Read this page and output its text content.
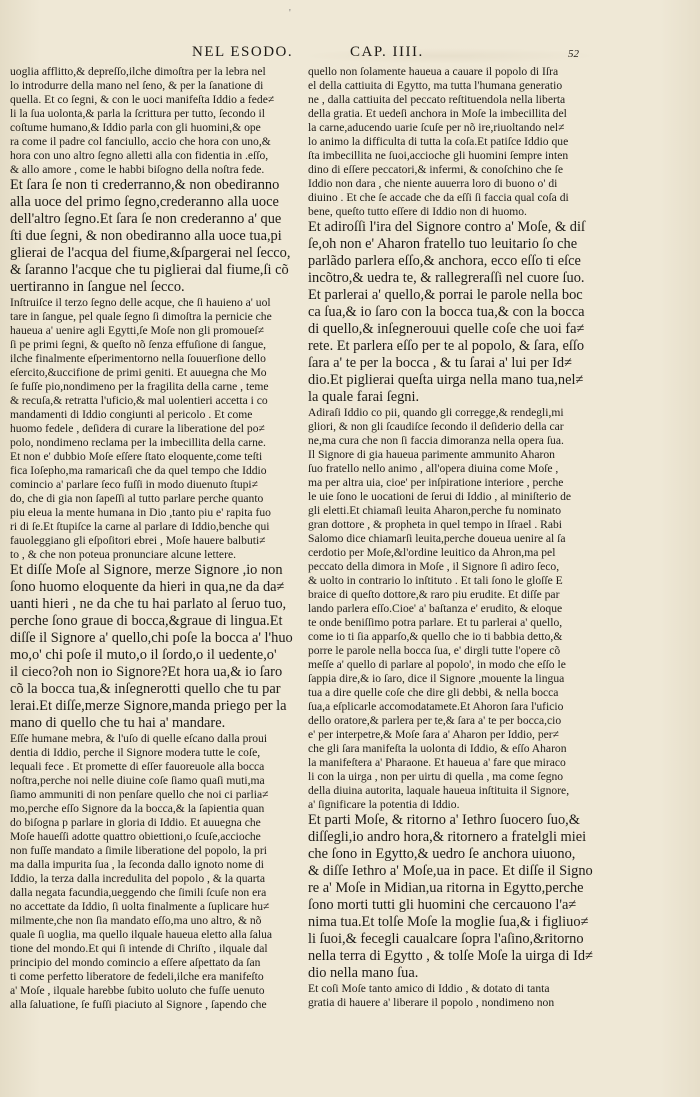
'
NEL ESODO.	CAP. IIII.	52
uoglia afflitto,& depreſſo,ilche dimoſtra per la lebra nel
lo introdurre della mano nel ſeno, & per la ſanatione di
quella. Et co ſegni, & con le uoci manifeſta Iddio a fede≠
li la ſua uolonta,& parla la ſcrittura per tutto, ſecondo il
coſtume humano,& Iddio parla con gli huomini,& ope
ra come il padre col fanciullo, accio che hora con uno,&
hora con uno altro ſegno alletti alla con fidentia in .eſſo,
& allo amore , come le habbi biſogno della noſtra fede.
Et ſara ſe non ti crederranno,& non obediranno
alla uoce del primo ſegno,crederanno alla uoce
dell'altro ſegno.Et ſara ſe non crederanno a' que
ſti due ſegni, & non obediranno alla uoce tua,pi
glierai de l'acqua del fiume,&ſpargerai nel ſecco,
& ſaranno l'acque che tu piglierai dal fiume,ſi cõ
uertiranno in ſangue nel ſecco.
Inſtruiſce il terzo ſegno delle acque, che ſi hauieno a' uol
tare in ſangue, pel quale ſegno ſi dimoſtra la pernicie che
haueua a' uenire agli Egytti,ſe Moſe non gli promoueſ≠
ſi pe primi ſegni, & queſto nõ ſenza effuſione di ſangue,
ilche finalmente eſperimentorno nella ſouuerſione dello
eſercito,&uccifione de primi geniti. Et auuegna che Mo
ſe fuſſe pio,nondimeno per la fragilita della carne , teme
& recuſa,& retratta l'uficio,& mal uolentieri accetta i co
mandamenti di Iddio congiunti al pericolo . Et come
huomo fedele , deſidera di curare la liberatione del po≠
polo, nondimeno reclama per la imbecillita della carne.
Et non e' dubbio Moſe eſſere ſtato eloquente,come teſti
fica Ioſepho,ma ramaricaſi che da quel tempo che Iddio
comincio a' parlare ſeco fuſſi in modo diuenuto ſtupi≠
do, che di gia non ſapeſſi al tutto parlare perche quanto
piu eleua la mente humana in Dio ,tanto piu e' rapita fuo
ri di ſe.Et ſtupiſce la carne al parlare di Iddio,benche qui
fauoleggiano gli eſpoſitori ebrei , Moſe hauere balbuti≠
to , & che non poteua pronunciare alcune lettere.
Et diſſe Moſe al Signore, merze Signore ,io non
ſono huomo eloquente da hieri in qua,ne da da≠
uanti hieri , ne da che tu hai parlato al ſeruo tuo,
perche ſono graue di bocca,&graue di lingua.Et
diſſe il Signore a' quello,chi poſe la bocca a' l'huo
mo,o' chi poſe il muto,o il ſordo,o il uedente,o'
il cieco?oh non io Signore?Et hora ua,& io ſaro
cõ la bocca tua,& inſegnerotti quello che tu par
lerai.Et diſſe,merze Signore,manda priego per la
mano di quello che tu hai a' mandare.
Eſſe humane mebra, & l'uſo di quelle eſcano dalla proui
dentia di Iddio, perche il Signore modera tutte le coſe,
lequali fece . Et promette di eſſer fauoreuole alla bocca
noſtra,perche noi nelle diuine coſe ſiamo quaſi muti,ma
ſiamo ammuniti di non penſare quello che noi ci parlia≠
mo,perche eſſo Signore da la bocca,& la ſapientia quan
do biſogna p parlare in gloria di Iddio. Et auuegna che
Moſe haueſſi adotte quattro obiettioni,o ſcuſe,accioche
non fuſſe mandato a ſimile liberatione del popolo, la pri
ma dalla impurita ſua , la ſeconda dallo ignoto nome di
Iddio, la terza dalla incredulita del popolo , & la quarta
dalla negata facundia,ueggendo che ſimili ſcuſe non era
no accettate da Iddio, ſi uolta finalmente a ſuplicare hu≠
milmente,che non ſia mandato eſſo,ma uno altro, & nõ
quale ſi uoglia, ma quello ilquale haueua eletto alla ſalua
tione del mondo.Et qui ſi intende di Chriſto , ilquale dal
principio del mondo comincio a eſſere aſpettato da ſan
ti come perfetto liberatore de fedeli,ilche era manifeſto
a' Moſe , ilquale harebbe ſubito uoluto che fuſſe uenuto
alla ſaluatione, ſe fuſſi piaciuto al Signore , ſapendo che
quello non ſolamente haueua a cauare il popolo di Iſra
el della cattiuita di Egytto, ma tutta l'humana generatio
ne , dalla cattiuita del peccato reſtituendola nella liberta
della gratia. Et uedeſi anchora in Moſe la imbecillita del
la carne,aducendo uarie ſcuſe per nõ ire,riuoltando nel≠
lo animo la difficulta di tutta la coſa.Et patiſce Iddio que
ſta imbecillita ne ſuoi,accioche gli huomini ſempre inten
dino di eſſere peccatori,& infermi, & conoſchino che ſe
Iddio non dara , che niente auuerra loro di buono o' di
diuino . Et che ſe accade che da eſſi ſi faccia qual coſa di
bene, queſto tutto eſſere di Iddio non di huomo.
Et adiroſſi l'ira del Signore contro a' Moſe, & diſ
ſe,oh non e' Aharon fratello tuo leuitario ſo che
parlãdo parlera eſſo,& anchora, ecco eſſo ti eſce
incõtro,& uedra te, & rallegreraſſi nel cuore ſuo.
Et parlerai a' quello,& porrai le parole nella boc
ca ſua,& io ſaro con la bocca tua,& con la bocca
di quello,& inſegnerouui quelle coſe che uoi fa≠
rete. Et parlera eſſo per te al popolo, & ſara, eſſo
ſara a' te per la bocca , & tu ſarai a' lui per Id≠
dio.Et piglierai queſta uirga nella mano tua,nel≠
la quale farai ſegni.
Adiraſi Iddio co pii, quando gli corregge,& rendegli,mi
gliori, & non gli ſcaudiſce ſecondo il deſiderio della car
ne,ma cura che non ſi faccia dimoranza nella opera ſua.
Il Signore di gia haueua parimente ammunito Aharon
ſuo fratello nello animo , all'opera diuina come Moſe ,
ma per altra uia, cioe' per inſpiratione interiore , perche
le uie ſono le uocationi de ſerui di Iddio , al miniſterio de
gli eletti.Et chiamaſi leuita Aharon,perche fu nominato
gran dottore , & propheta in quel tempo in Iſrael . Rabi
Salomo dice chiamarſi leuita,perche doueua uenire al ſa
cerdotio per Moſe,&l'ordine leuitico da Ahron,ma pel
peccato della dimora in Moſe , il Signore ſi adiro ſeco,
& uolto in contrario lo inſtituto . Et tali ſono le gloſſe E
braice di queſto dottore,& raro piu erudite. Et diſſe par
lando parlera eſſo.Cioe' a' baſtanza e' erudito, & eloque
te onde beniſſimo potra parlare. Et tu parlerai a' quello,
come io ti ſia apparſo,& quello che io ti babbia detto,&
porre le parole nella bocca ſua, e' dirgli tutte l'opere cõ
meſſe a' quello di parlare al popolo', in modo che eſſo le
ſappia dire,& io ſaro, dice il Signore ,mouente la lingua
tua a dire quelle coſe che dire gli debbi, & nella bocca
ſua,a eſplicarle accomodatamete.Et Ahoron ſara l'uficio
dello oratore,& parlera per te,& ſara a' te per bocca,cio
e' per interpetre,& Moſe ſara a' Aharon per Iddio, per≠
che gli ſara manifeſta la uolonta di Iddio, & eſſo Aharon
la manifeſtera a' Pharaone. Et haueua a' fare que miraco
li con la uirga , non per uirtu di quella , ma come ſegno
della diuina autorita, laquale haueua inſtituita il Signore,
a' ſignificare la potentia di Iddio.
Et parti Moſe, & ritorno a' Iethro ſuocero ſuo,&
diſſegli,io andro hora,& ritornero a fratelgli miei
che ſono in Egytto,& uedro ſe anchora uiuono,
& diſſe Iethro a' Moſe,ua in pace. Et diſſe il Signo
re a' Moſe in Midian,ua ritorna in Egytto,perche
ſono morti tutti gli huomini che cercauono l'a≠
nima tua.Et tolſe Moſe la moglie ſua,& i figliuo≠
li ſuoi,& fecegli caualcare ſopra l'aſino,&ritorno
nella terra di Egytto , & tolſe Moſe la uirga di Id≠
dio nella mano ſua.
Et coſi Moſe tanto amico di Iddio , & dotato di tanta
gratia di hauere a' liberare il popolo , nondimeno non
